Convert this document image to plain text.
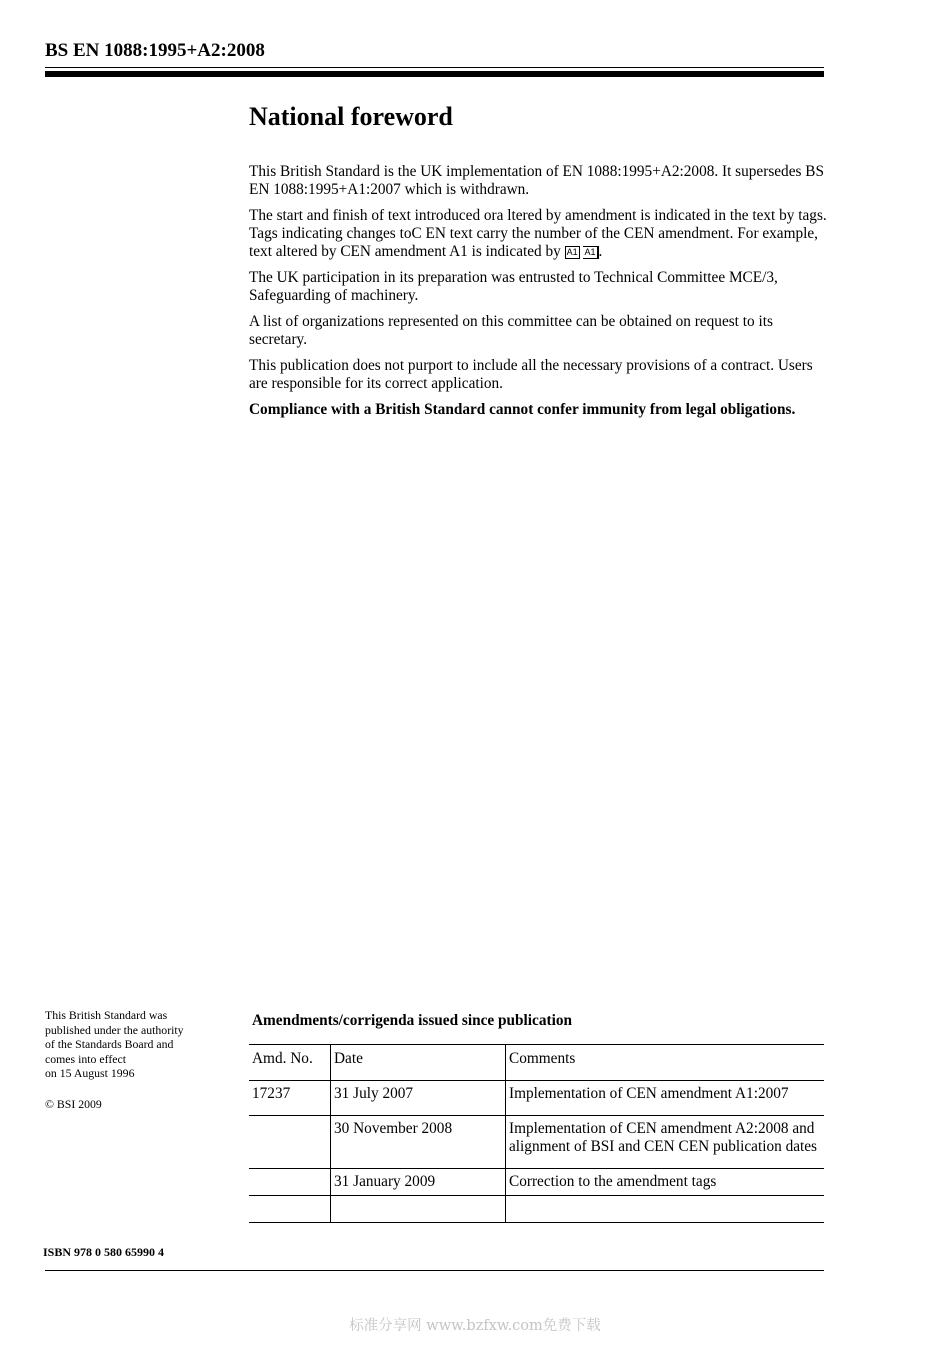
BS EN 1088:1995+A2:2008
National foreword

This British Standard is the UK implementation of EN 1088:1995+A2:2008. It supersedes BS EN 1088:1995+A1:2007 which is withdrawn.

The start and finish of text introduced ora ltered by amendment is indicated in the text by tags. Tags indicating changes toC EN text carry the number of the CEN amendment. For example, text altered by CEN amendment A1 is indicated by A1 A1 .

The UK participation in its preparation was entrusted to Technical Committee MCE/3, Safeguarding of machinery.

A list of organizations represented on this committee can be obtained on request to its secretary.

This publication does not purport to include all the necessary provisions of a contract. Users are responsible for its correct application.

Compliance with a British Standard cannot confer immunity from legal obligations.

This British Standard was
published under the authority
of the Standards Board and
comes into effect
on 15 August 1996
© BSI 2009
ISBN 978 0 580 65990 4
Amendments/corrigenda issued since publication
Amd. No.	Date	Comments
17237	31 July 2007	Implementation of CEN amendment A1:2007
	30 November 2008	Implementation of CEN amendment A2:2008 and alignment of BSI and CEN CEN publication dates
	31 January 2009	Correction to the amendment tags

标准分享网 www.bzfxw.com免费下载
